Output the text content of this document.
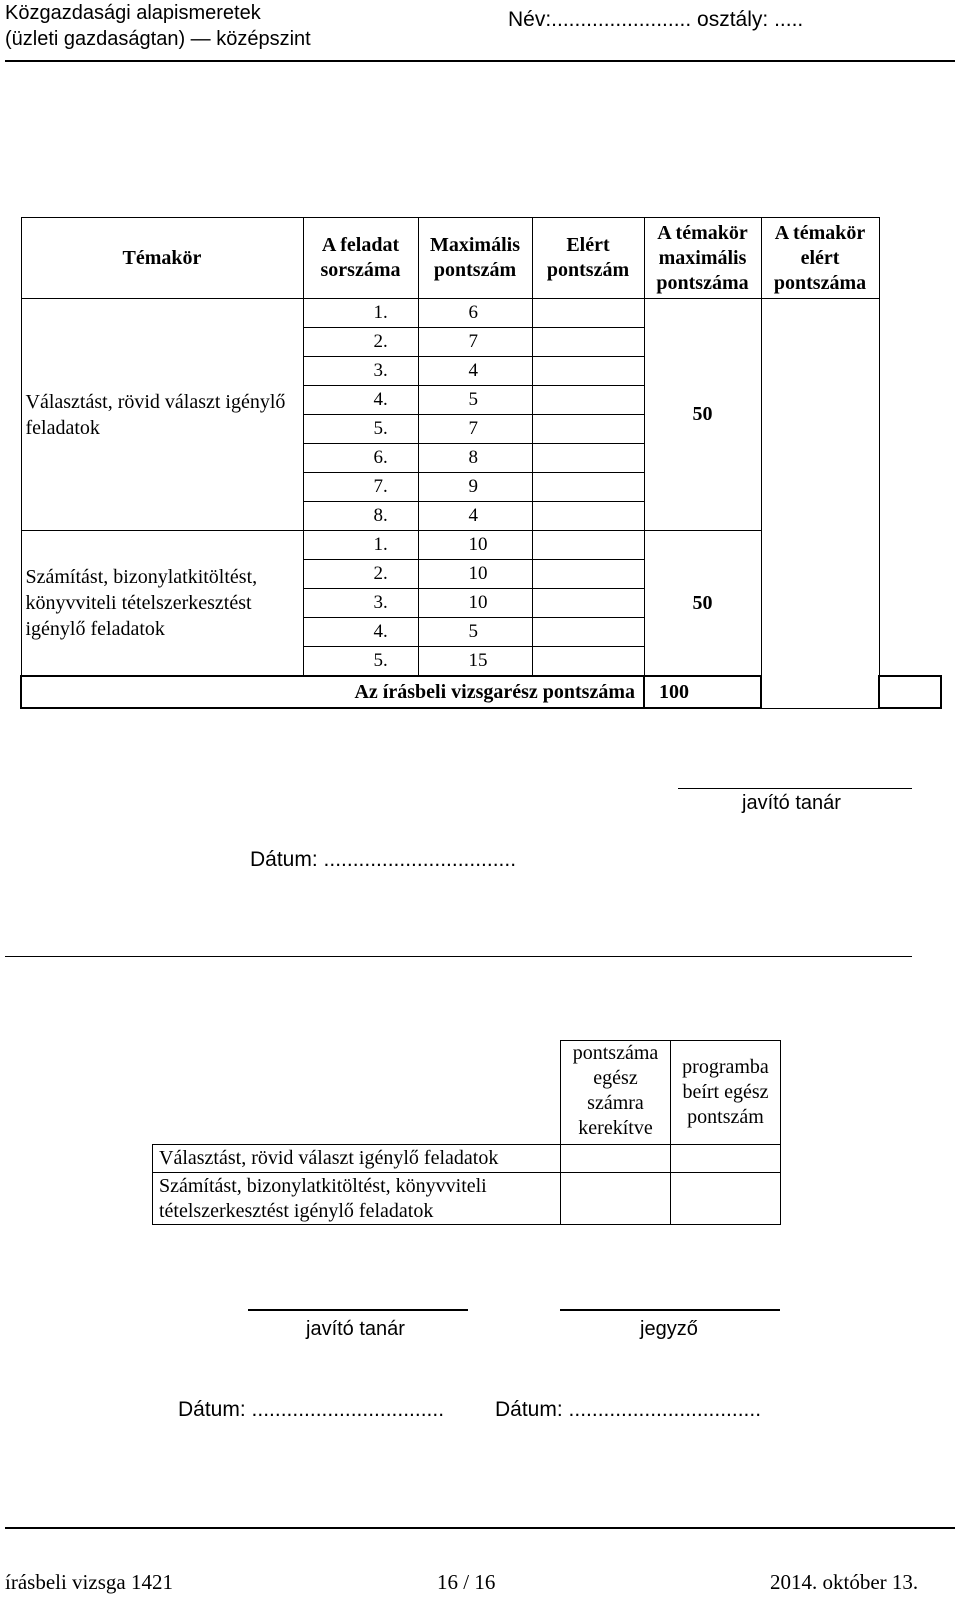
Közgazdasági alapismeretek
(üzleti gazdaságtan) — középszint
Név:........................ osztály: .....
Témakör	A feladat sorszáma	Maximális pontszám	Elért pontszám	A témakör maximális pontszáma	A témakör elért pontszáma	
Választást, rövid választ igénylő feladatok	1.	6		50		
	2.	7				
	3.	4				
	4.	5				
	5.	7				
	6.	8				
	7.	9				
	8.	4				
Számítást, bizonylatkitöltést, könyvviteli tételszerkesztést igénylő feladatok	1.	10		50		
	2.	10				
	3.	10				
	4.	5				
	5.	15				
Az írásbeli vizsgarész pontszáma				100		
javító tanár
Dátum: .................................
	pontszáma egész számra kerekítve	programba beírt egész pontszám
Választást, rövid választ igénylő feladatok		
Számítást, bizonylatkitöltést, könyvviteli tételszerkesztést igénylő feladatok		
javító tanár	jegyző
Dátum: ................................. Dátum: .................................
írásbeli vizsga 1421	16 / 16	2014. október 13.
